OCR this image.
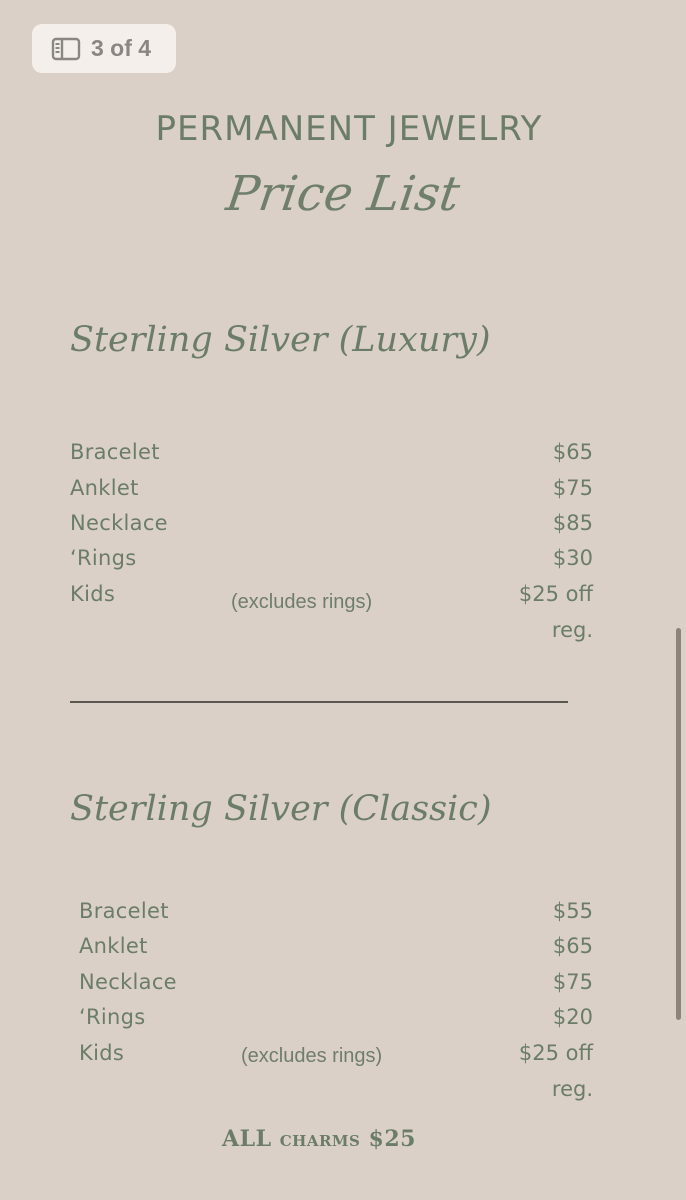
3 of 4
PERMANENT JEWELRY
Price List
Sterling Silver (Luxury)
Bracelet	$65
Anklet	$75
Necklace	$85
‘Rings	$30
Kids	(excludes rings)	$25 off
reg.
Sterling Silver (Classic)
Bracelet	$55
Anklet	$65
Necklace	$75
‘Rings	$20
Kids	(excludes rings)	$25 off
reg.
ALL charms $25
